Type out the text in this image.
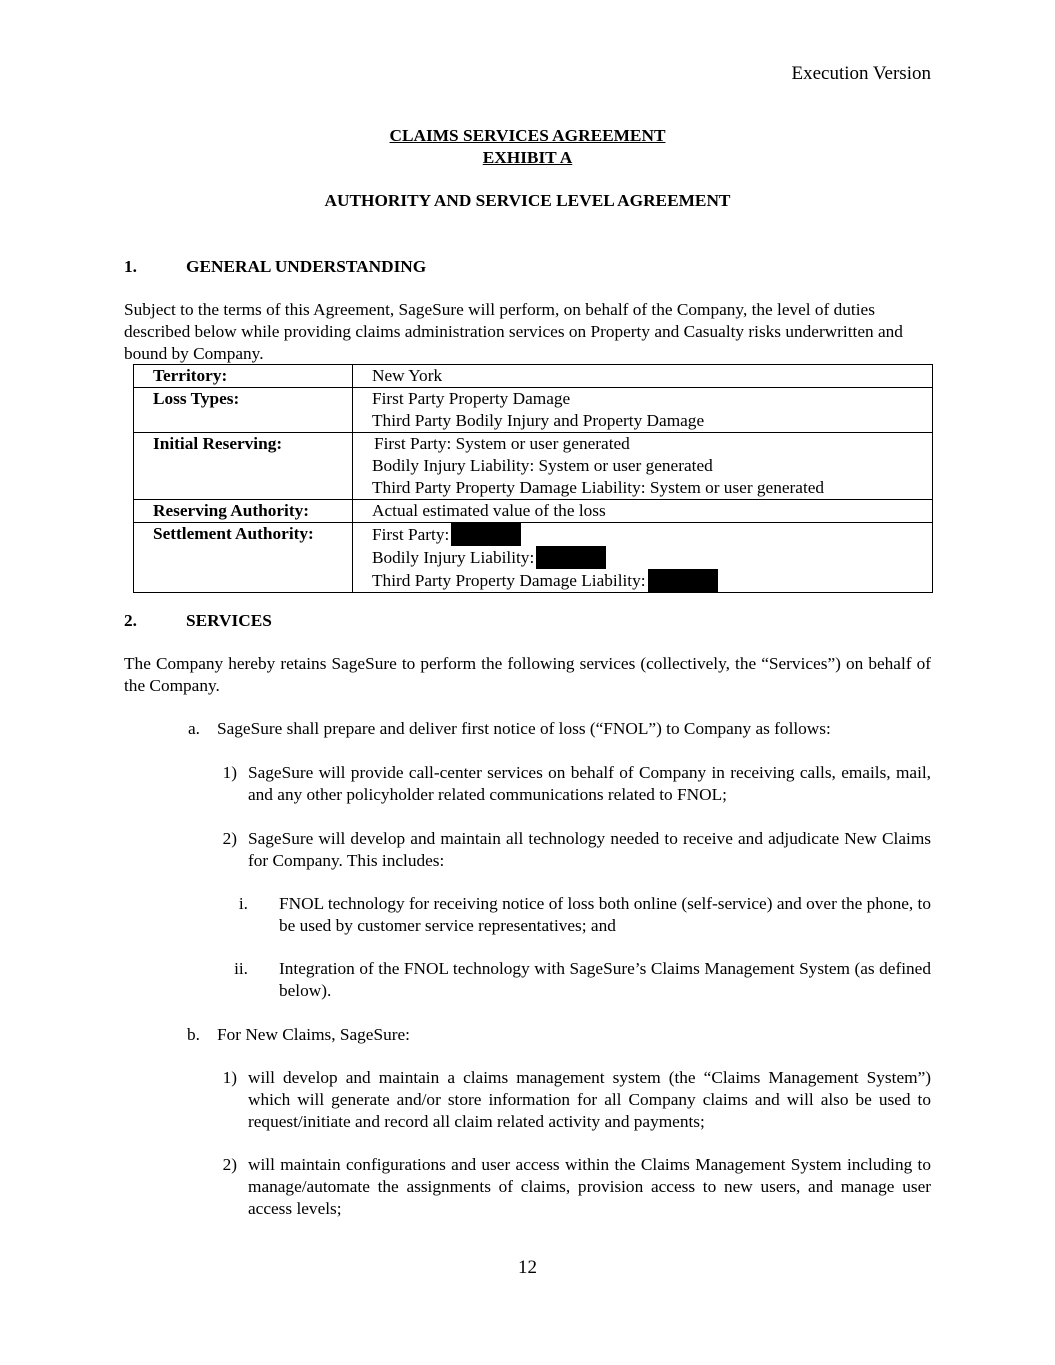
Execution Version
CLAIMS SERVICES AGREEMENT
EXHIBIT A
AUTHORITY AND SERVICE LEVEL AGREEMENT
1.	GENERAL UNDERSTANDING
Subject to the terms of this Agreement, SageSure will perform, on behalf of the Company, the level of duties described below while providing claims administration services on Property and Casualty risks underwritten and bound by Company.
Territory:	New York

Loss Types:	First Party Property Damage
Third Party Bodily Injury and Property Damage

Initial Reserving:	First Party: System or user generated
Bodily Injury Liability: System or user generated
Third Party Property Damage Liability: System or user generated

Reserving Authority:	Actual estimated value of the loss

Settlement Authority:	First Party:
Bodily Injury Liability:
Third Party Property Damage Liability:
2.	SERVICES
The Company hereby retains SageSure to perform the following services (collectively, the “Services”) on behalf of the Company.
a. SageSure shall prepare and deliver first notice of loss (“FNOL”) to Company as follows:
1) SageSure will provide call-center services on behalf of Company in receiving calls, emails, mail, and any other policyholder related communications related to FNOL;
2) SageSure will develop and maintain all technology needed to receive and adjudicate New Claims for Company. This includes:
i. FNOL technology for receiving notice of loss both online (self-service) and over the phone, to be used by customer service representatives; and
ii. Integration of the FNOL technology with SageSure’s Claims Management System (as defined below).
b. For New Claims, SageSure:
1) will develop and maintain a claims management system (the “Claims Management System”) which will generate and/or store information for all Company claims and will also be used to request/initiate and record all claim related activity and payments;
2) will maintain configurations and user access within the Claims Management System including to manage/automate the assignments of claims, provision access to new users, and manage user access levels;
12
